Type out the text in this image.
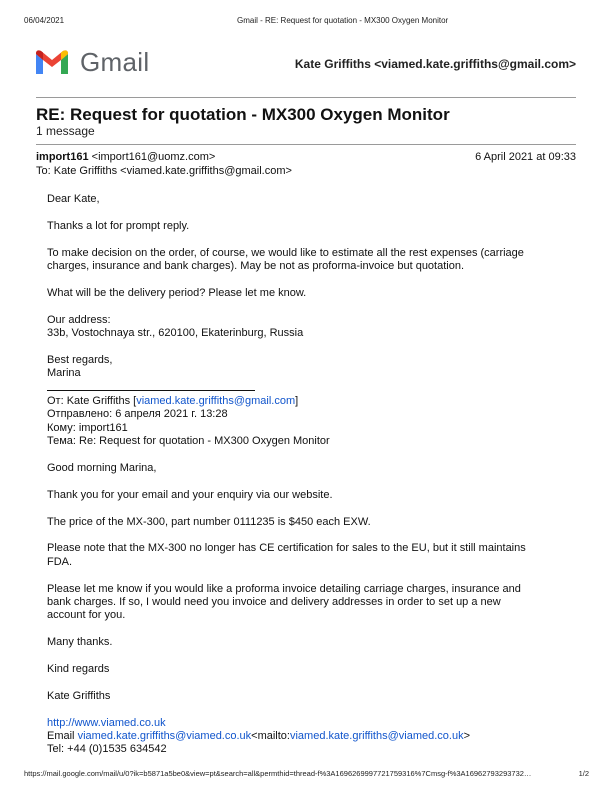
06/04/2021	Gmail - RE: Request for quotation - MX300 Oxygen Monitor
Gmail	Kate Griffiths <viamed.kate.griffiths@gmail.com>
RE: Request for quotation - MX300 Oxygen Monitor
1 message
import161 <import161@uomz.com>	6 April 2021 at 09:33
To: Kate Griffiths <viamed.kate.griffiths@gmail.com>

Dear Kate,

Thanks a lot for prompt reply.

To make decision on the order, of course, we would like to estimate all the rest expenses (carriage
charges, insurance and bank charges). May be not as proforma-invoice but quotation.

What will be the delivery period? Please let me know.

Our address:
33b, Vostochnaya str., 620100, Ekaterinburg, Russia

Best regards,
Marina

От: Kate Griffiths [viamed.kate.griffiths@gmail.com]
Отправлено: 6 апреля 2021 г. 13:28
Кому: import161

Тема: Re: Request for quotation - MX300 Oxygen Monitor

Good morning Marina,

Thank you for your email and your enquiry via our website.

The price of the MX-300, part number 0111235 is $450 each EXW.

Please note that the MX-300 no longer has CE certification for sales to the EU, but it still maintains
FDA.

Please let me know if you would like a proforma invoice detailing carriage charges, insurance and
bank charges. If so, I would need you invoice and delivery addresses in order to set up a new
account for you.

Many thanks.

Kind regards

Kate Griffiths

http://www.viamed.co.uk
Email viamed.kate.griffiths@viamed.co.uk<mailto:viamed.kate.griffiths@viamed.co.uk>
Tel: +44 (0)1535 634542
https://mail.google.com/mail/u/0?ik=b5871a5be0&view=pt&search=all&permthid=thread-f%3A1696269997721759316%7Cmsg-f%3A16962793293732…	1/2
